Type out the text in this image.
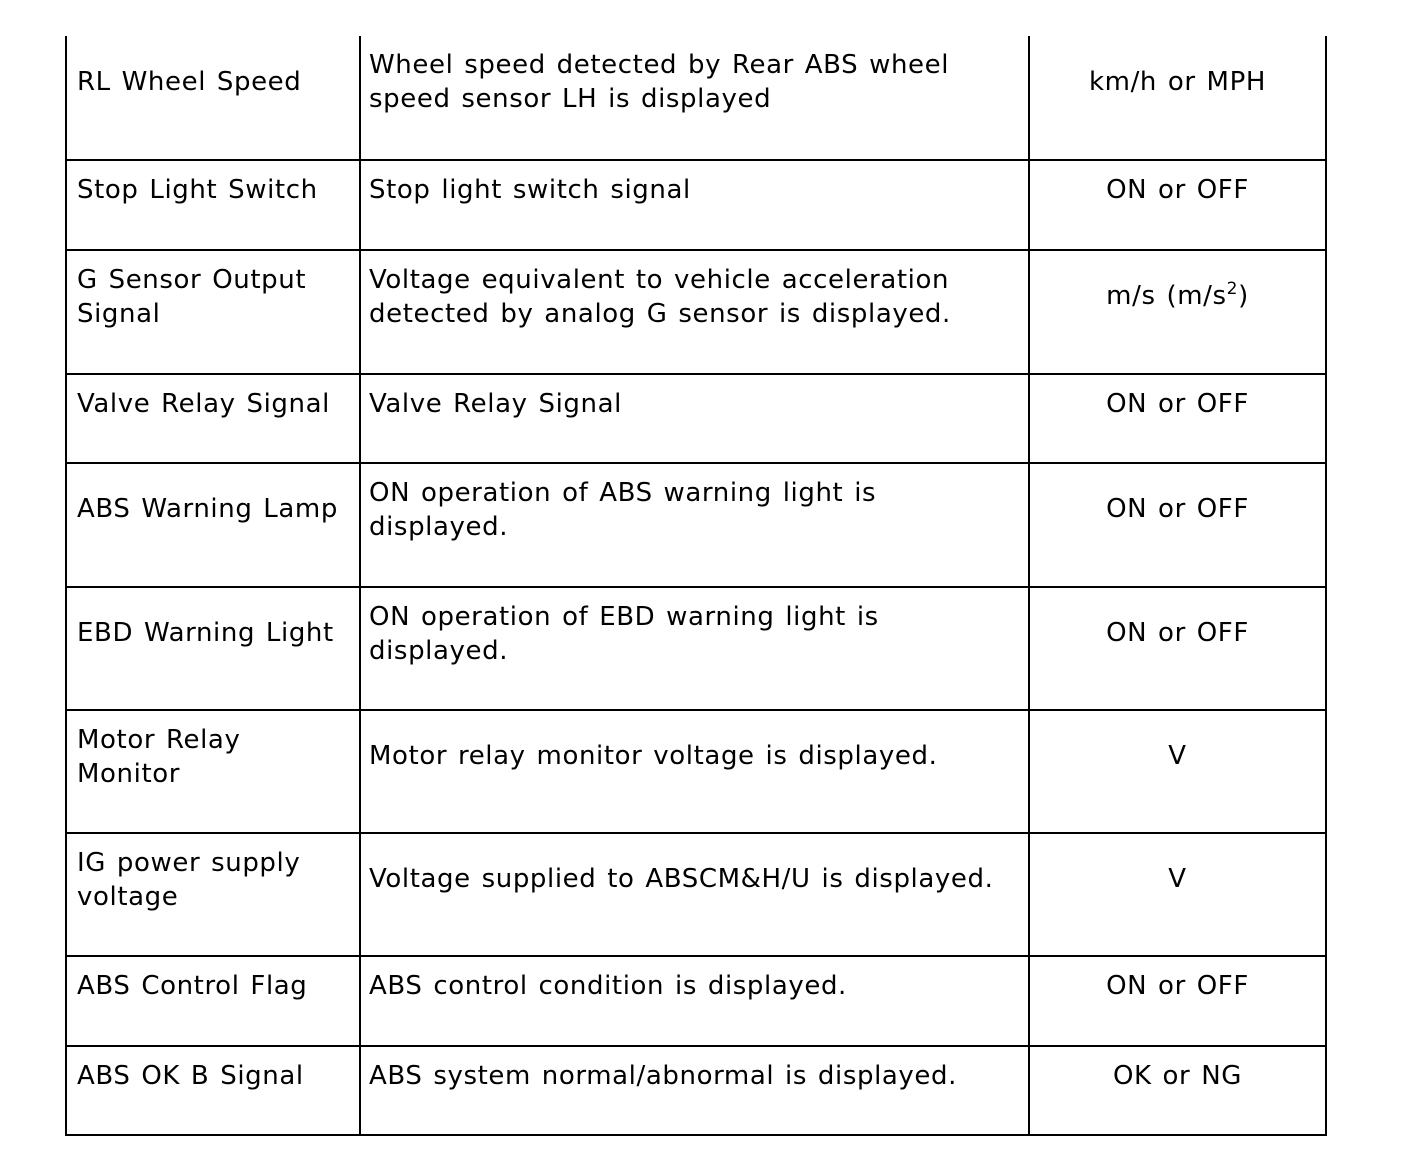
RL Wheel Speed	Wheel speed detected by Rear ABS wheel speed sensor LH is displayed	km/h or MPH
Stop Light Switch	Stop light switch signal	ON or OFF
G Sensor Output Signal	Voltage equivalent to vehicle acceleration detected by analog G sensor is displayed.	m/s $(m/s^2)$
Valve Relay Signal	Valve Relay Signal	ON or OFF
ABS Warning Lamp	ON operation of ABS warning light is displayed.	ON or OFF
EBD Warning Light	ON operation of EBD warning light is displayed.	ON or OFF
Motor Relay Monitor	Motor relay monitor voltage is displayed.	V
IG power supply voltage	Voltage supplied to ABSCM&H/U is displayed.	V
ABS Control Flag	ABS control condition is displayed.	ON or OFF
ABS OK B Signal	ABS system normal/abnormal is displayed.	OK or NG
